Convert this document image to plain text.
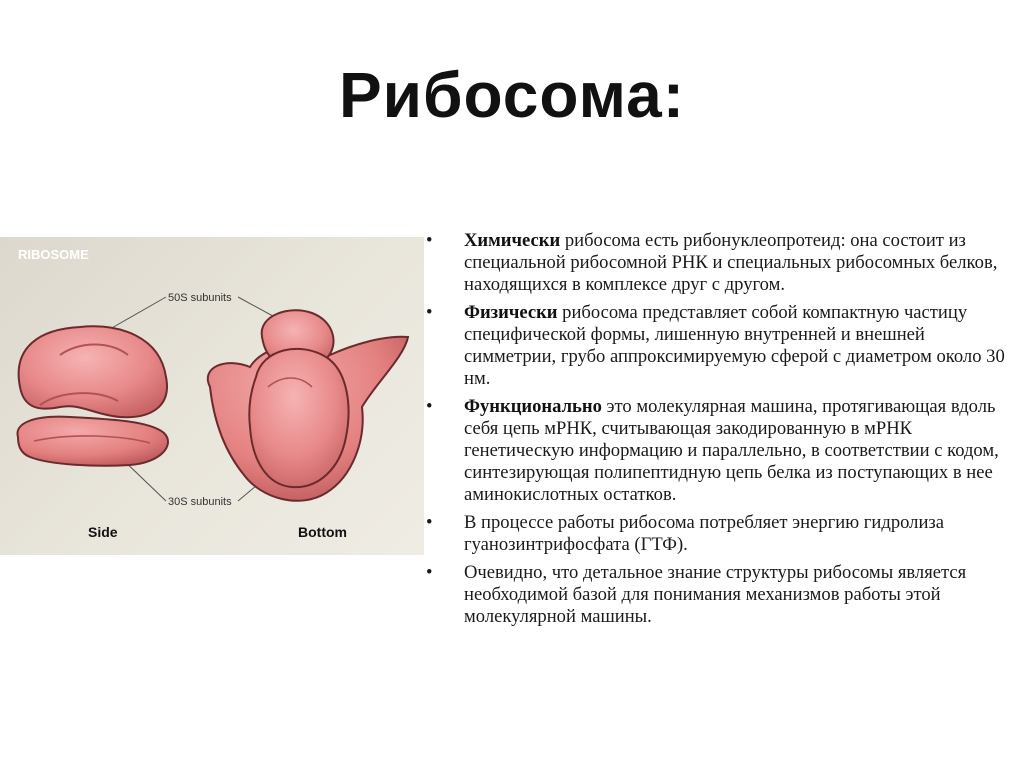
Рибосома:
RIBOSOME
50S subunits
30S subunits
Side	Bottom
•	Химически рибосома есть рибонуклеопротеид: она состоит из специальной рибосомной РНК и специальных рибосомных белков, находящихся в комплексе друг с другом.
•	Физически рибосома представляет собой компактную частицу специфической формы, лишенную внутренней и внешней симметрии, грубо аппроксимируемую сферой с диаметром около 30 нм.
•	Функционально это молекулярная машина, протягивающая вдоль себя цепь мРНК, считывающая закодированную в мРНК генетическую информацию и параллельно, в соответствии с кодом, синтезирующая полипептидную цепь белка из поступающих в нее аминокислотных остатков.
•	В процессе работы рибосома потребляет энергию гидролиза гуанозинтрифосфата (ГТФ).
•	Очевидно, что детальное знание структуры рибосомы является необходимой базой для понимания механизмов работы этой молекулярной машины.
